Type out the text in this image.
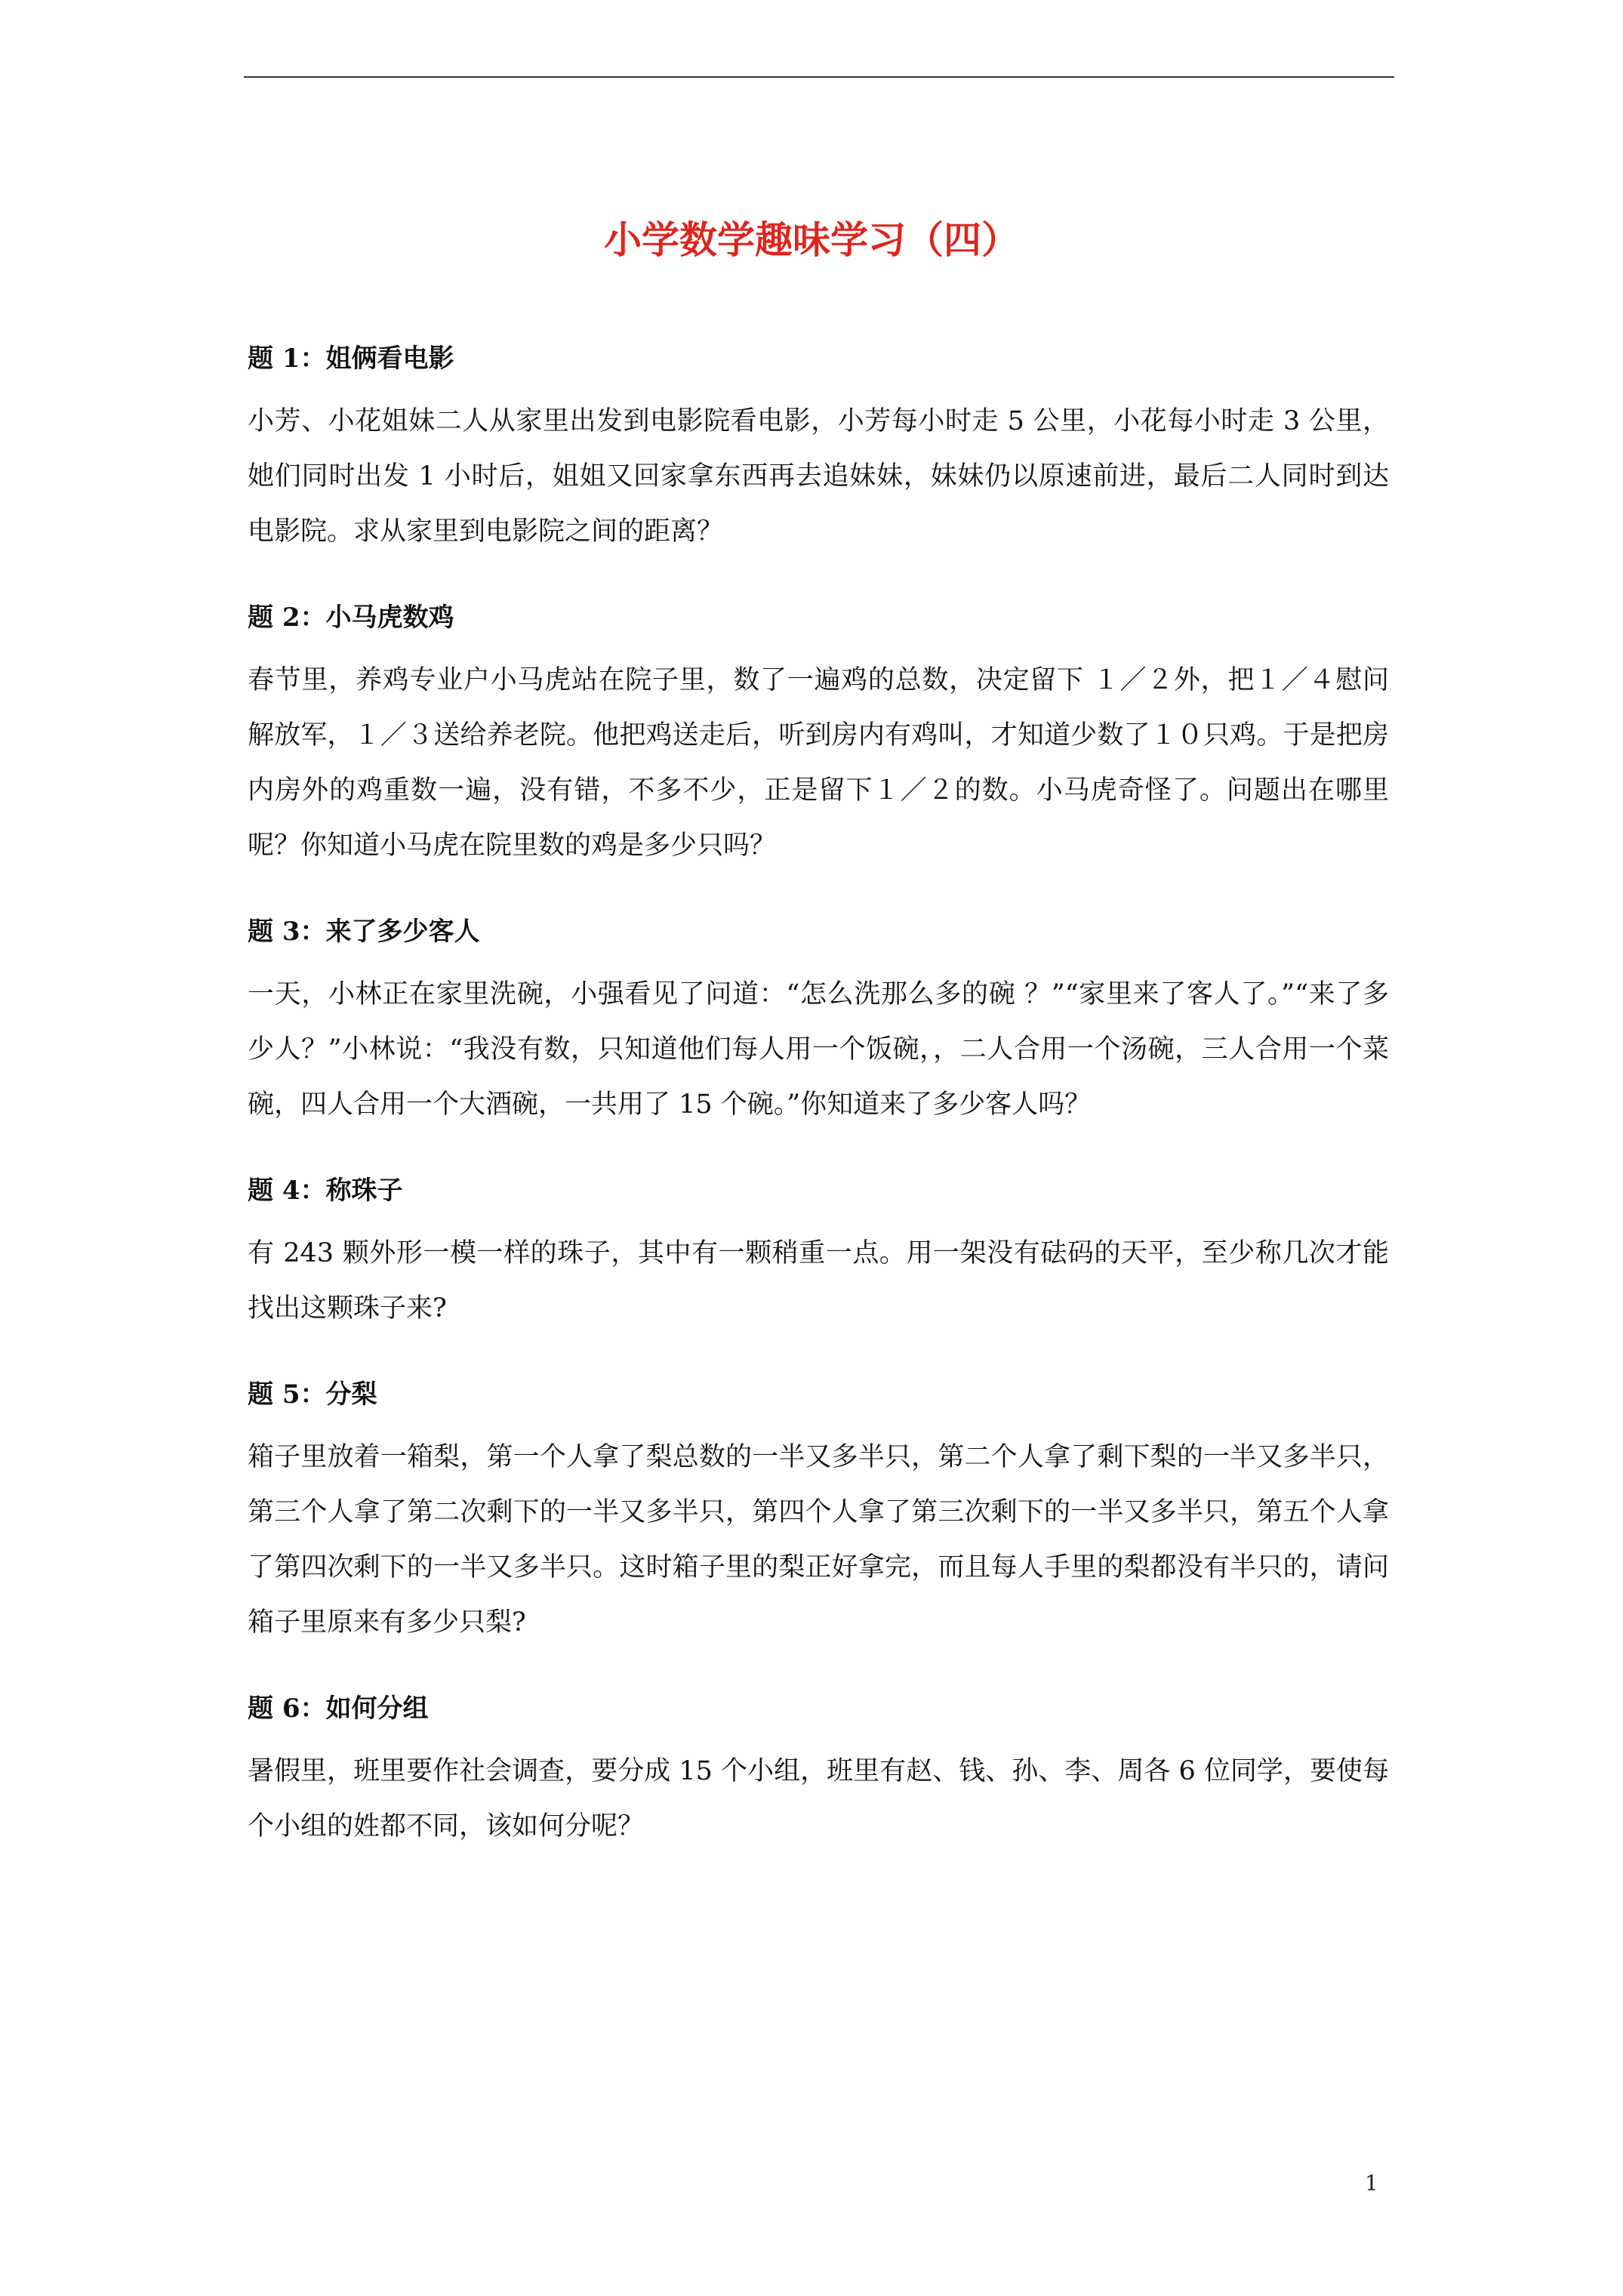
小学数学趣味学习（四）

题 1：姐俩看电影

小芳、小花姐妹二人从家里出发到电影院看电影，小芳每小时走 5 公里，小花每小时走 3 公里，她们同时出发 1 小时后，姐姐又回家拿东西再去追妹妹，妹妹仍以原速前进，最后二人同时到达电影院。求从家里到电影院之间的距离？

题 2：小马虎数鸡

春节里，养鸡专业户小马虎站在院子里，数了一遍鸡的总数，决定留下 １／２外，把１／４慰问解放军，１／３送给养老院。他把鸡送走后，听到房内有鸡叫，才知道少数了１０只鸡。于是把房内房外的鸡重数一遍，没有错，不多不少，正是留下１／２的数。小马虎奇怪了。问题出在哪里呢？你知道小马虎在院里数的鸡是多少只吗？

题 3：来了多少客人

一天，小林正在家里洗碗，小强看见了问道：“怎么洗那么多的碗 ？”“家里来了客人了。”“来了多少人？”小林说：“我没有数，只知道他们每人用一个饭碗，，二人合用一个汤碗，三人合用一个菜碗，四人合用一个大酒碗，一共用了 15 个碗。”你知道来了多少客人吗？

题 4：称珠子

有 243 颗外形一模一样的珠子，其中有一颗稍重一点。用一架没有砝码的天平，至少称几次才能找出这颗珠子来?

题 5：分梨

箱子里放着一箱梨，第一个人拿了梨总数的一半又多半只，第二个人拿了剩下梨的一半又多半只，第三个人拿了第二次剩下的一半又多半只，第四个人拿了第三次剩下的一半又多半只，第五个人拿了第四次剩下的一半又多半只。这时箱子里的梨正好拿完，而且每人手里的梨都没有半只的，请问箱子里原来有多少只梨?

题 6：如何分组

暑假里，班里要作社会调查，要分成 15 个小组，班里有赵、钱、孙、李、周各 6 位同学，要使每个小组的姓都不同，该如何分呢？

1
